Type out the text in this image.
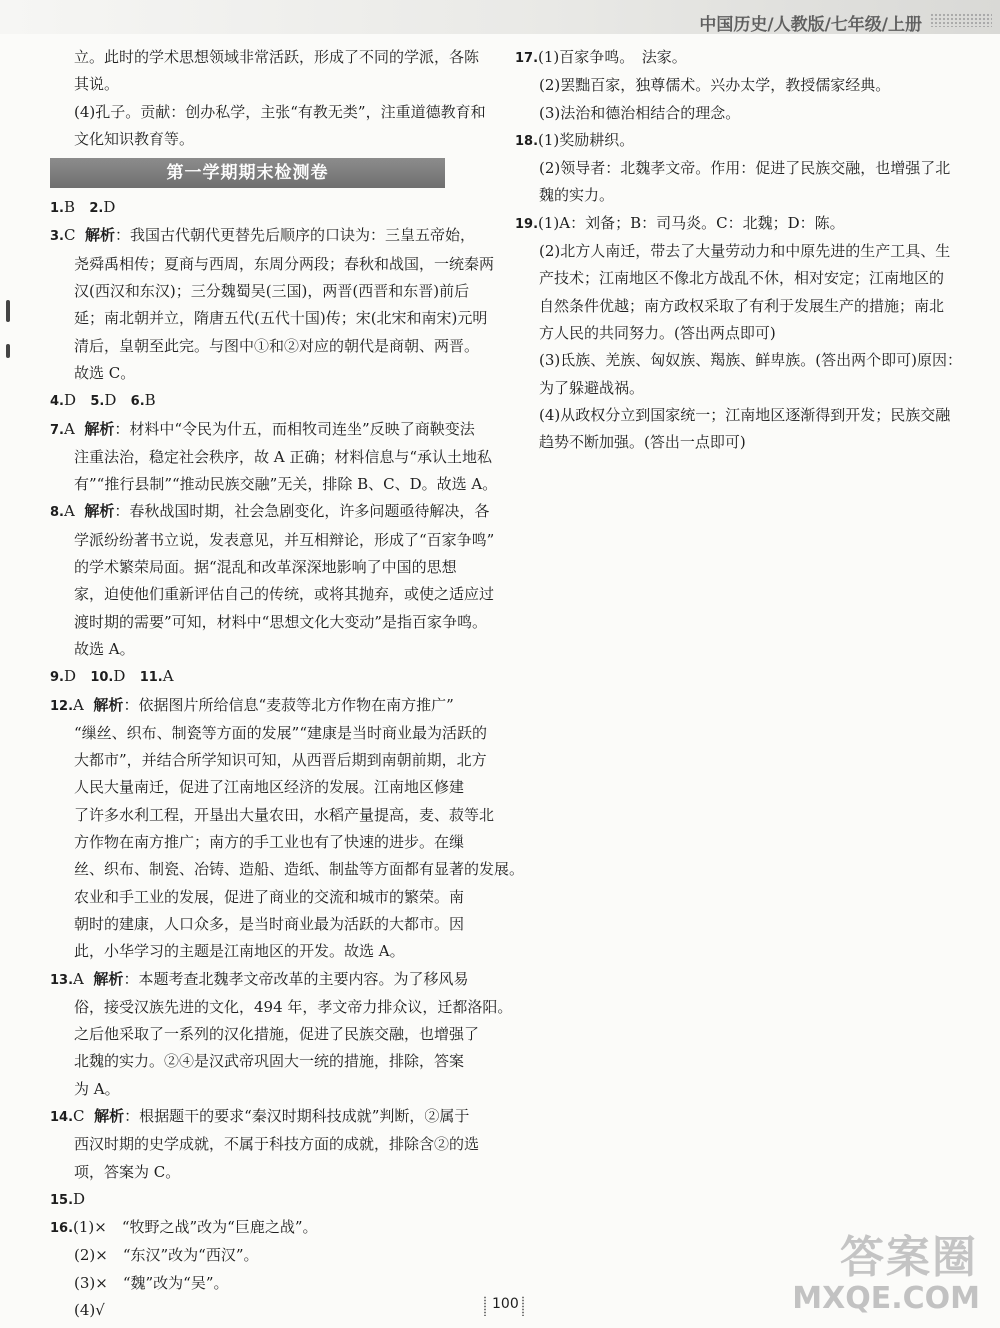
中国历史/人教版/七年级/上册
立。此时的学术思想领域非常活跃，形成了不同的学派，各陈
其说。
(4)孔子。贡献：创办私学，主张“有教无类”，注重道德教育和
文化知识教育等。
第一学期期末检测卷
1.B 2.D
3.C 解析：我国古代朝代更替先后顺序的口诀为：三皇五帝始，
尧舜禹相传；夏商与西周，东周分两段；春秋和战国，一统秦两
汉(西汉和东汉)；三分魏蜀吴(三国)，两晋(西晋和东晋)前后
延；南北朝并立，隋唐五代(五代十国)传；宋(北宋和南宋)元明
清后，皇朝至此完。与图中①和②对应的朝代是商朝、两晋。
故选 C。
4.D 5.D 6.B
7.A 解析：材料中“令民为什五，而相牧司连坐”反映了商鞅变法
注重法治，稳定社会秩序，故 A 正确；材料信息与“承认土地私
有”“推行县制”“推动民族交融”无关，排除 B、C、D。故选 A。
8.A 解析：春秋战国时期，社会急剧变化，许多问题亟待解决，各
学派纷纷著书立说，发表意见，并互相辩论，形成了“百家争鸣”
的学术繁荣局面。据“混乱和改革深深地影响了中国的思想
家，迫使他们重新评估自己的传统，或将其抛弃，或使之适应过
渡时期的需要”可知，材料中“思想文化大变动”是指百家争鸣。
故选 A。
9.D 10.D 11.A
12.A 解析：依据图片所给信息“麦菽等北方作物在南方推广”
“缫丝、织布、制瓷等方面的发展”“建康是当时商业最为活跃的
大都市”，并结合所学知识可知，从西晋后期到南朝前期，北方
人民大量南迁，促进了江南地区经济的发展。江南地区修建
了许多水利工程，开垦出大量农田，水稻产量提高，麦、菽等北
方作物在南方推广；南方的手工业也有了快速的进步。在缫
丝、织布、制瓷、冶铸、造船、造纸、制盐等方面都有显著的发展。
农业和手工业的发展，促进了商业的交流和城市的繁荣。南
朝时的建康，人口众多，是当时商业最为活跃的大都市。因
此，小华学习的主题是江南地区的开发。故选 A。
13.A 解析：本题考查北魏孝文帝改革的主要内容。为了移风易
俗，接受汉族先进的文化，494 年，孝文帝力排众议，迁都洛阳。
之后他采取了一系列的汉化措施，促进了民族交融，也增强了
北魏的实力。②④是汉武帝巩固大一统的措施，排除，答案
为 A。
14.C 解析：根据题干的要求“秦汉时期科技成就”判断，②属于
西汉时期的史学成就，不属于科技方面的成就，排除含②的选
项，答案为 C。
15.D
16.(1)×　“牧野之战”改为“巨鹿之战”。
(2)×　“东汉”改为“西汉”。
(3)×　“魏”改为“吴”。
(4)√
17.(1)百家争鸣。　法家。
(2)罢黜百家，独尊儒术。兴办太学，教授儒家经典。
(3)法治和德治相结合的理念。
18.(1)奖励耕织。
(2)领导者：北魏孝文帝。作用：促进了民族交融，也增强了北
魏的实力。
19.(1)A：刘备；B：司马炎。C：北魏；D：陈。
(2)北方人南迁，带去了大量劳动力和中原先进的生产工具、生
产技术；江南地区不像北方战乱不休，相对安定；江南地区的
自然条件优越；南方政权采取了有利于发展生产的措施；南北
方人民的共同努力。(答出两点即可)
(3)氐族、羌族、匈奴族、羯族、鲜卑族。(答出两个即可)原因：
为了躲避战祸。
(4)从政权分立到国家统一；江南地区逐渐得到开发；民族交融
趋势不断加强。(答出一点即可)
100
答案圈
MXQE.COM
